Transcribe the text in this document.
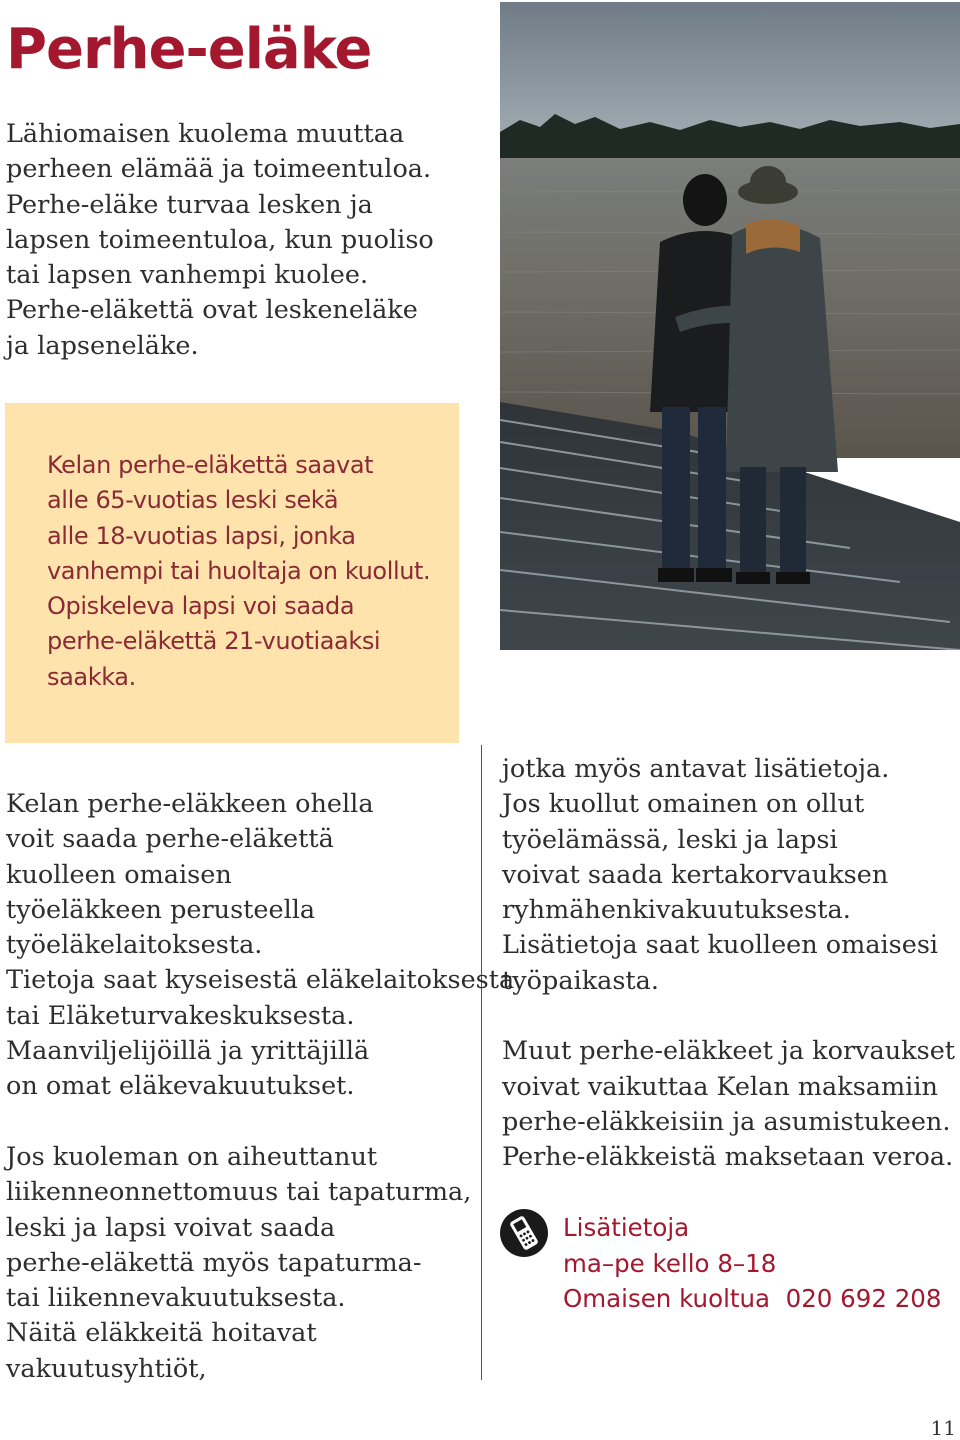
Perhe-eläke

Lähiomaisen kuolema muuttaa
perheen elämää ja toimeentuloa.
Perhe-eläke turvaa lesken ja
lapsen toimeentuloa, kun puoliso
tai lapsen vanhempi kuolee.
Perhe-eläkettä ovat leskeneläke
ja lapseneläke.

Kelan perhe-eläkettä saavat
alle 65-vuotias leski sekä
alle 18-vuotias lapsi, jonka
vanhempi tai huoltaja on kuollut.
Opiskeleva lapsi voi saada
perhe-eläkettä 21-vuotiaaksi
saakka.

Kelan perhe-eläkkeen ohella
voit saada perhe-eläkettä
kuolleen omaisen
työeläkkeen perusteella
työeläkelaitoksesta.
Tietoja saat kyseisestä eläkelaitoksesta
tai Eläketurvakeskuksesta.
Maanviljelijöillä ja yrittäjillä
on omat eläkevakuutukset.

Jos kuoleman on aiheuttanut
liikenneonnettomuus tai tapaturma,
leski ja lapsi voivat saada
perhe-eläkettä myös tapaturma-
tai liikennevakuutuksesta.
Näitä eläkkeitä hoitavat
vakuutusyhtiöt,

jotka myös antavat lisätietoja.
Jos kuollut omainen on ollut
työelämässä, leski ja lapsi
voivat saada kertakorvauksen
ryhmähenkivakuutuksesta.
Lisätietoja saat kuolleen omaisesi
työpaikasta.

Muut perhe-eläkkeet ja korvaukset
voivat vaikuttaa Kelan maksamiin
perhe-eläkkeisiin ja asumistukeen.
Perhe-eläkkeistä maksetaan veroa.

Lisätietoja
ma–pe kello 8–18
Omaisen kuoltua 020 692 208

11
